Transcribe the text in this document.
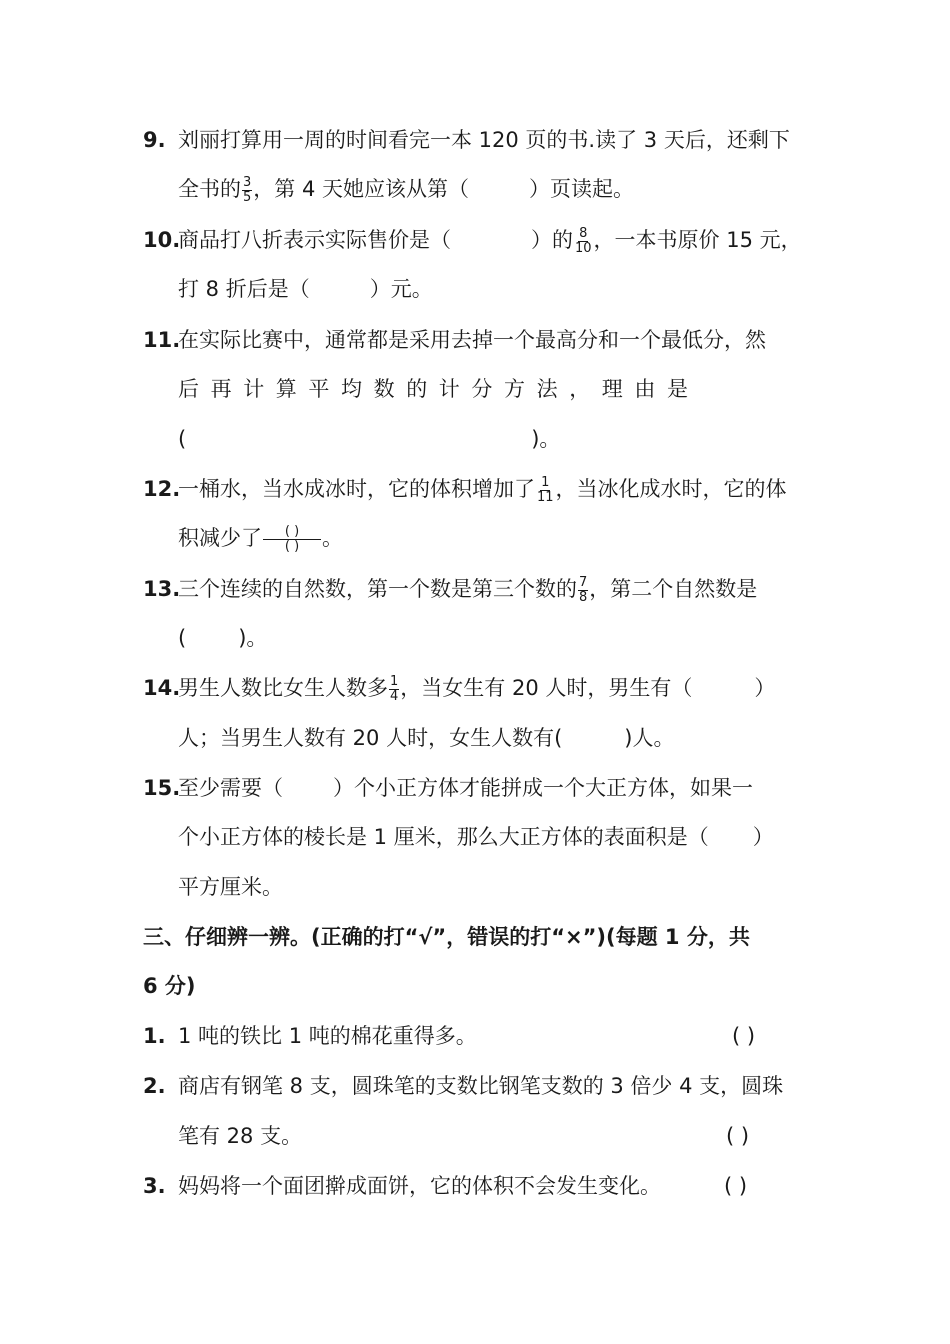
9. 刘丽打算用一周的时间看完一本 120 页的书.读了 3 天后，还剩下
全书的 $\frac{3}{5}$ ，第 4 天她应该从第（	）页读起。
10.
商品打八折表示实际售价是（	）的 $\frac{8}{10}$ ，一本书原价 15 元，
打 8 折后是（	）元。
11.
在实际比赛中，通常都是采用去掉一个最高分和一个最低分，然
后再计算平均数的计分方法，理由是
(	)。
12.
一桶水，当水成冰时，它的体积增加了 $\frac{1}{11}$ ，当冰化成水时，它的体
积减少了 $\frac{( )}{( )}$ 。
13.
三个连续的自然数，第一个数是第三个数的 $\frac{7}{8}$ ，第二个自然数是
( )。
14.
男生人数比女生人数多 $\frac{1}{4}$ ，当女生有 20 人时，男生有（	）
人；当男生人数有 20 人时，女生人数有(	)人。
15.
至少需要（ ）个小正方体才能拼成一个大正方体，如果一
个小正方体的棱长是 1 厘米，那么大正方体的表面积是（ ）
平方厘米。
三、仔细辨一辨。(正确的打“√”，错误的打“×”)(每题 1 分，共
6 分)
1. 1 吨的铁比 1 吨的棉花重得多。	( )
2. 商店有钢笔 8 支，圆珠笔的支数比钢笔支数的 3 倍少 4 支，圆珠
笔有 28 支。	( )
3. 妈妈将一个面团擀成面饼，它的体积不会发生变化。	( )
